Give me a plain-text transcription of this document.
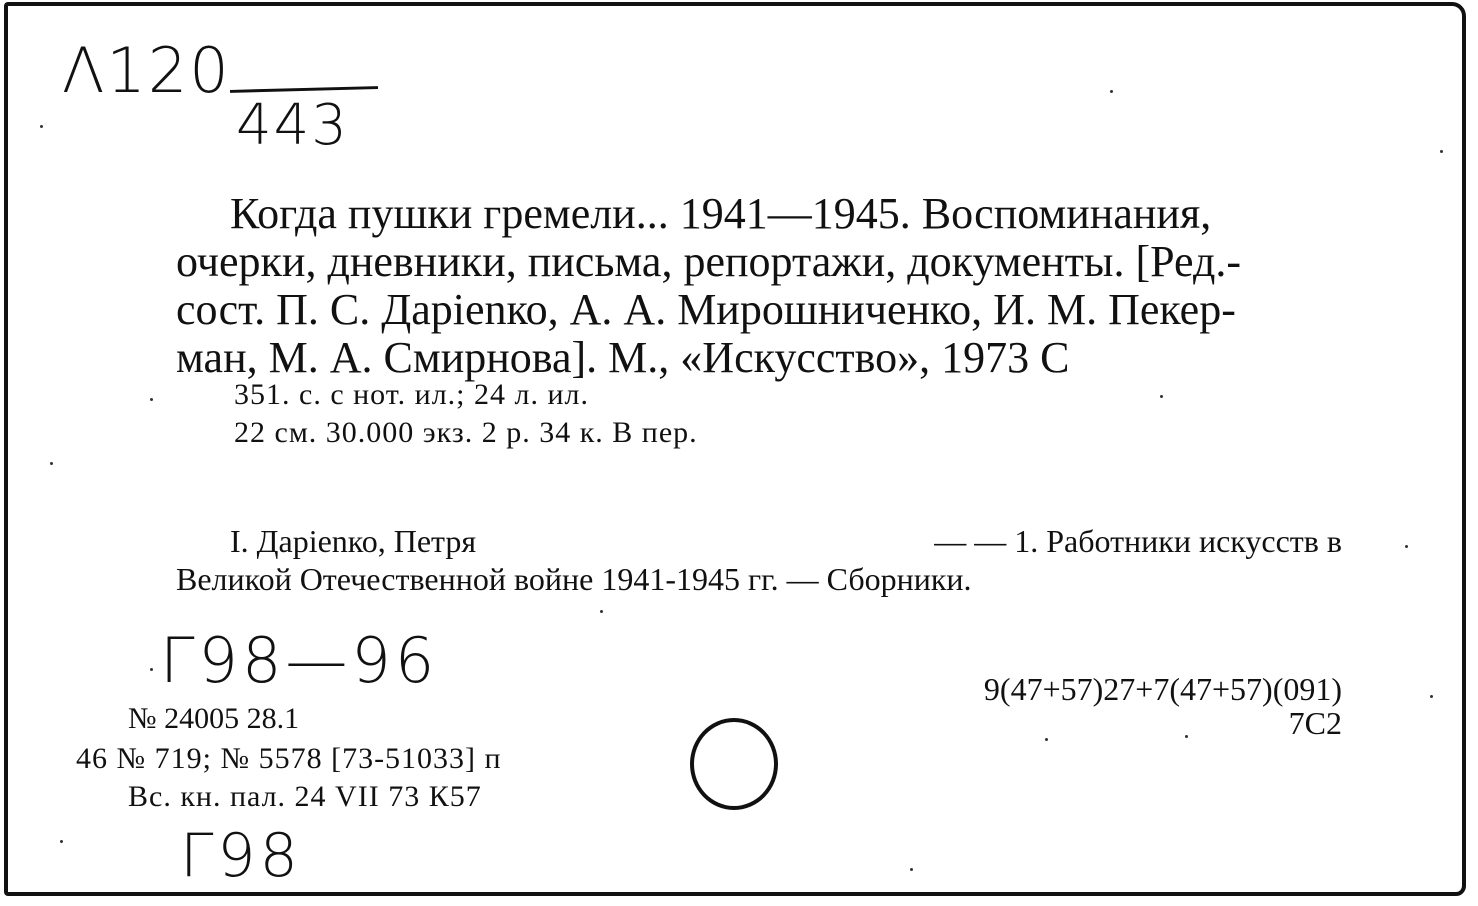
Λ120
443
Когда пушки гремели... 1941—1945. Воспоминания,
очерки, дневники, письма, репортажи, документы. [Ред.-
сост. П. С. Дарienко, А. А. Мирошниченко, И. М. Пекер-
ман, М. А. Смирнова]. М., «Искусство», 1973 С
351. с. с нот. ил.; 24 л. ил.
22 см. 30.000 экз. 2 р. 34 к. В пер.
I. Дарienко, Петря	— — 1. Работники искусств в
Великой Отечественной войне 1941-1945 гг. — Сборники.
Г98—96	9(47+57)27+7(47+57)(091)
7С2
№ 24005 28.1
46 № 719; № 5578 [73-51033] п
Вс. кн. пал. 24 VII 73 К57
Г98
